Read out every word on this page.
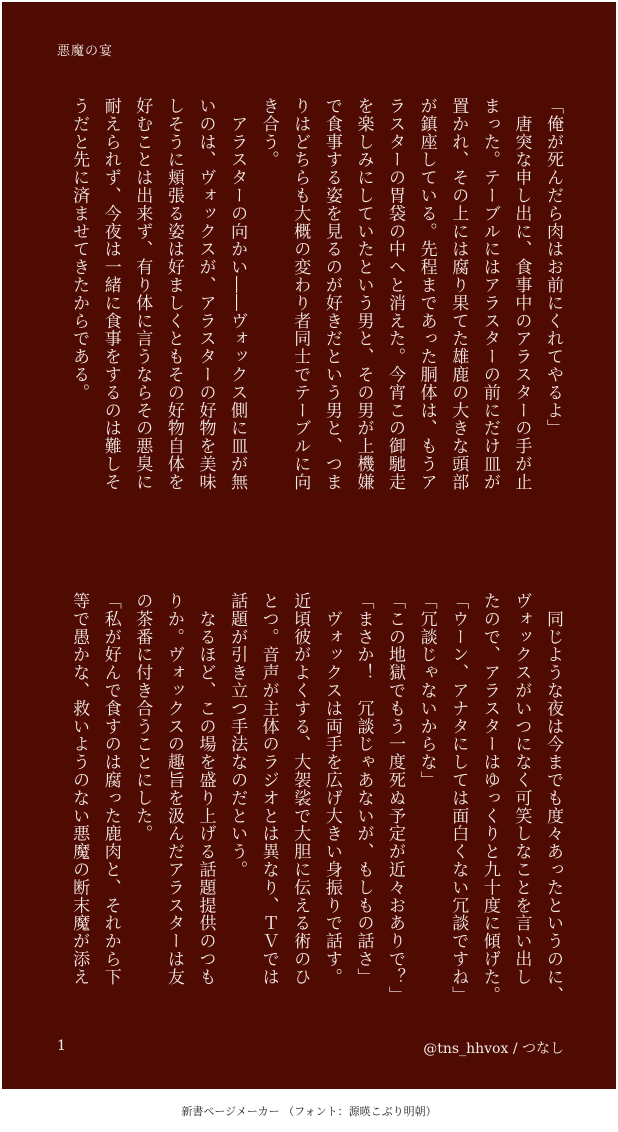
悪魔の宴

「俺が死んだら肉はお前にくれてやるよ」

　唐突な申し出に、食事中のアラスターの手が止

まった。テーブルにはアラスターの前にだけ皿が

置かれ、その上には腐り果てた雄鹿の大きな頭部

が鎮座している。先程まであった胴体は、もうア

ラスターの胃袋の中へと消えた。今宵この御馳走

を楽しみにしていたという男と、その男が上機嫌

で食事する姿を見るのが好きだという男と、つま

りはどちらも大概の変わり者同士でテーブルに向

き合う。

　アラスターの向かい――ヴォックス側に皿が無

いのは、ヴォックスが、アラスターの好物を美味

しそうに頬張る姿は好ましくともその好物自体を

好むことは出来ず、有り体に言うならその悪臭に

耐えられず、今夜は一緒に食事をするのは難しそ

うだと先に済ませてきたからである。

　同じような夜は今までも度々あったというのに、

ヴォックスがいつになく可笑しなことを言い出し

たので、アラスターはゆっくりと九十度に傾げた。

「ウーン、アナタにしては面白くない冗談ですね」

「冗談じゃないからな」

「この地獄でもう一度死ぬ予定が近々おありで？」

「まさか！　冗談じゃあないが、もしもの話さ」

　ヴォックスは両手を広げ大きい身振りで話す。

近頃彼がよくする、大袈裟で大胆に伝える術のひ

とつ。音声が主体のラジオとは異なり、ＴＶでは

話題が引き立つ手法なのだという。

　なるほど、この場を盛り上げる話題提供のつも

りか。ヴォックスの趣旨を汲んだアラスターは友

の茶番に付き合うことにした。

「私が好んで食すのは腐った鹿肉と、それから下

等で愚かな、救いようのない悪魔の断末魔が添え

1	@tns_hhvox / つなし
新書ページメーカー （フォント：源暎こぶり明朝）
